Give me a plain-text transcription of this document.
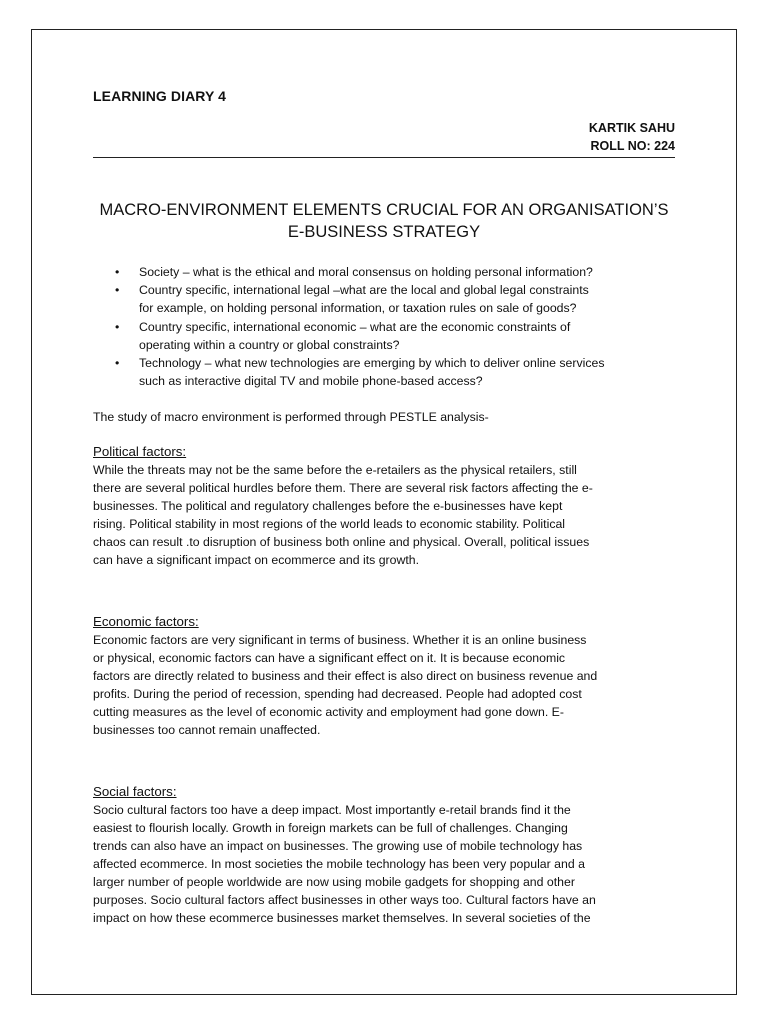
LEARNING DIARY 4
KARTIK SAHU
ROLL NO: 224
MACRO-ENVIRONMENT ELEMENTS CRUCIAL FOR AN ORGANISATION’S
E-BUSINESS STRATEGY
• Society – what is the ethical and moral consensus on holding personal information?
• Country specific, international legal –what are the local and global legal constraints
for example, on holding personal information, or taxation rules on sale of goods?
• Country specific, international economic – what are the economic constraints of
operating within a country or global constraints?
• Technology – what new technologies are emerging by which to deliver online services
such as interactive digital TV and mobile phone-based access?

The study of macro environment is performed through PESTLE analysis-

Political factors:
While the threats may not be the same before the e-retailers as the physical retailers, still
there are several political hurdles before them. There are several risk factors affecting the e-
businesses. The political and regulatory challenges before the e-businesses have kept
rising. Political stability in most regions of the world leads to economic stability. Political
chaos can result .to disruption of business both online and physical. Overall, political issues
can have a significant impact on ecommerce and its growth.
Economic factors:
Economic factors are very significant in terms of business. Whether it is an online business
or physical, economic factors can have a significant effect on it. It is because economic
factors are directly related to business and their effect is also direct on business revenue and
profits. During the period of recession, spending had decreased. People had adopted cost
cutting measures as the level of economic activity and employment had gone down. E-
businesses too cannot remain unaffected.
Social factors:
Socio cultural factors too have a deep impact. Most importantly e-retail brands find it the
easiest to flourish locally. Growth in foreign markets can be full of challenges. Changing
trends can also have an impact on businesses. The growing use of mobile technology has
affected ecommerce. In most societies the mobile technology has been very popular and a
larger number of people worldwide are now using mobile gadgets for shopping and other
purposes. Socio cultural factors affect businesses in other ways too. Cultural factors have an
impact on how these ecommerce businesses market themselves. In several societies of the
